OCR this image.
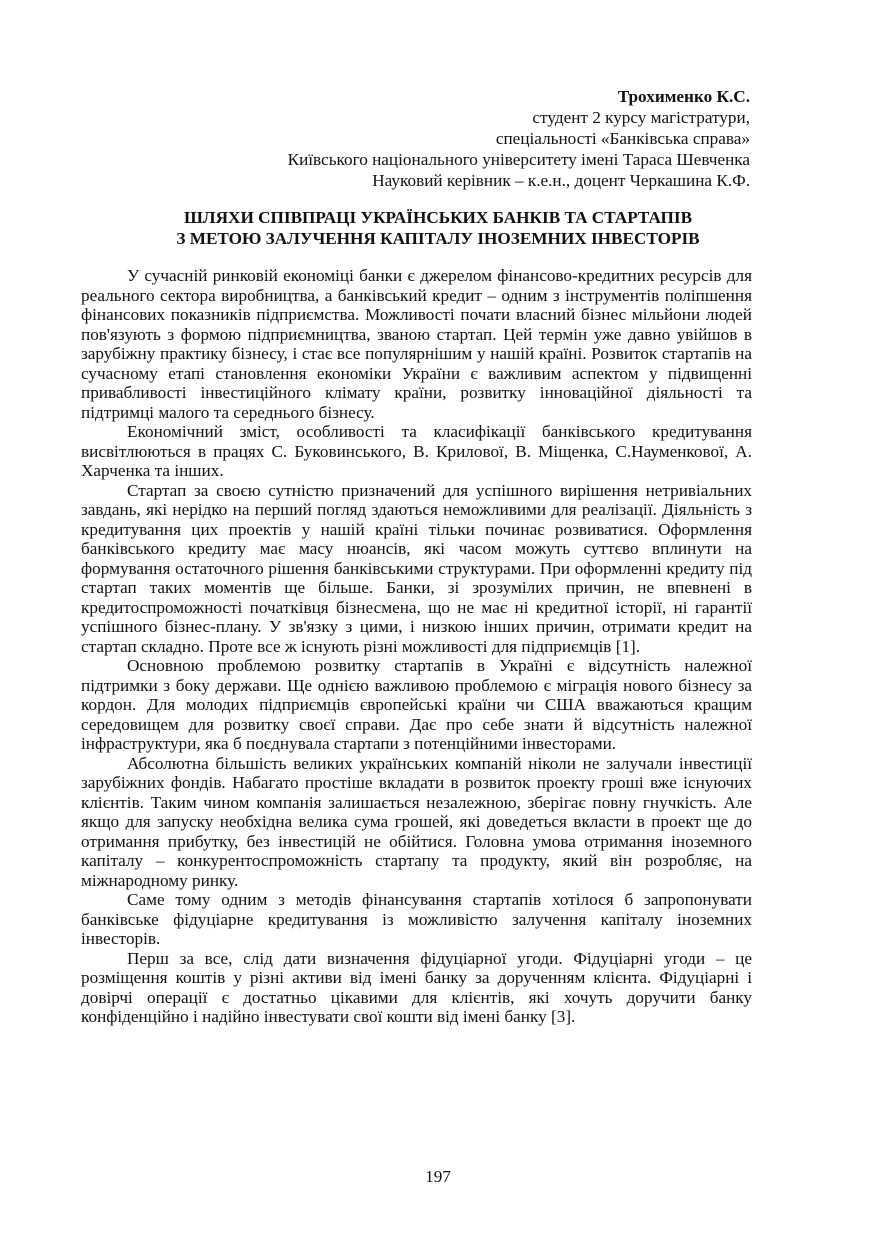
Трохименко К.С.
студент 2 курсу магістратури,
спеціальності «Банківська справа»
Київського національного університету імені Тараса Шевченка
Науковий керівник – к.е.н., доцент Черкашина К.Ф.
ШЛЯХИ СПІВПРАЦІ УКРАЇНСЬКИХ БАНКІВ ТА СТАРТАПІВ
З МЕТОЮ ЗАЛУЧЕННЯ КАПІТАЛУ ІНОЗЕМНИХ ІНВЕСТОРІВ

У сучасній ринковій економіці банки є джерелом фінансово-кредитних ресурсів для реального сектора виробництва, а банківський кредит – одним з інструментів поліпшення фінансових показників підприємства. Можливості почати власний бізнес мільйони людей пов'язують з формою підприємництва, званою стартап. Цей термін уже давно увійшов в зарубіжну практику бізнесу, і стає все популярнішим у нашій країні. Розвиток стартапів на сучасному етапі становлення економіки України є важливим аспектом у підвищенні привабливості інвестиційного клімату країни, розвитку інноваційної діяльності та підтримці малого та середнього бізнесу.

Економічний зміст, особливості та класифікації банківського кредитування висвітлюються в працях С. Буковинського, В. Крилової, В. Міщенка, С.Науменкової, А. Харченка та інших.

Стартап за своєю сутністю призначений для успішного вирішення нетривіальних завдань, які нерідко на перший погляд здаються неможливими для реалізації. Діяльність з кредитування цих проектів у нашій країні тільки починає розвиватися. Оформлення банківського кредиту має масу нюансів, які часом можуть суттєво вплинути на формування остаточного рішення банківськими структурами. При оформленні кредиту під стартап таких моментів ще більше. Банки, зі зрозумілих причин, не впевнені в кредитоспроможності початківця бізнесмена, що не має ні кредитної історії, ні гарантії успішного бізнес-плану. У зв'язку з цими, і низкою інших причин, отримати кредит на стартап складно. Проте все ж існують різні можливості для підприємців [1].

Основною проблемою розвитку стартапів в Україні є відсутність належної підтримки з боку держави. Ще однією важливою проблемою є міграція нового бізнесу за кордон. Для молодих підприємців європейські країни чи США вважаються кращим середовищем для розвитку своєї справи. Дає про себе знати й відсутність належної інфраструктури, яка б поєднувала стартапи з потенційними інвесторами.

Абсолютна більшість великих українських компаній ніколи не залучали інвестиції зарубіжних фондів. Набагато простіше вкладати в розвиток проекту гроші вже існуючих клієнтів. Таким чином компанія залишається незалежною, зберігає повну гнучкість. Але якщо для запуску необхідна велика сума грошей, які доведеться вкласти в проект ще до отримання прибутку, без інвестицій не обійтися. Головна умова отримання іноземного капіталу – конкурентоспроможність стартапу та продукту, який він розробляє, на міжнародному ринку.

Саме тому одним з методів фінансування стартапів хотілося б запропонувати банківське фідуціарне кредитування із можливістю залучення капіталу іноземних інвесторів.

Перш за все, слід дати визначення фідуціарної угоди. Фідуціарні угоди – це розміщення коштів у різні активи від імені банку за дорученням клієнта. Фідуціарні і довірчі операції є достатньо цікавими для клієнтів, які хочуть доручити банку конфіденційно і надійно інвестувати свої кошти від імені банку [3].

197
